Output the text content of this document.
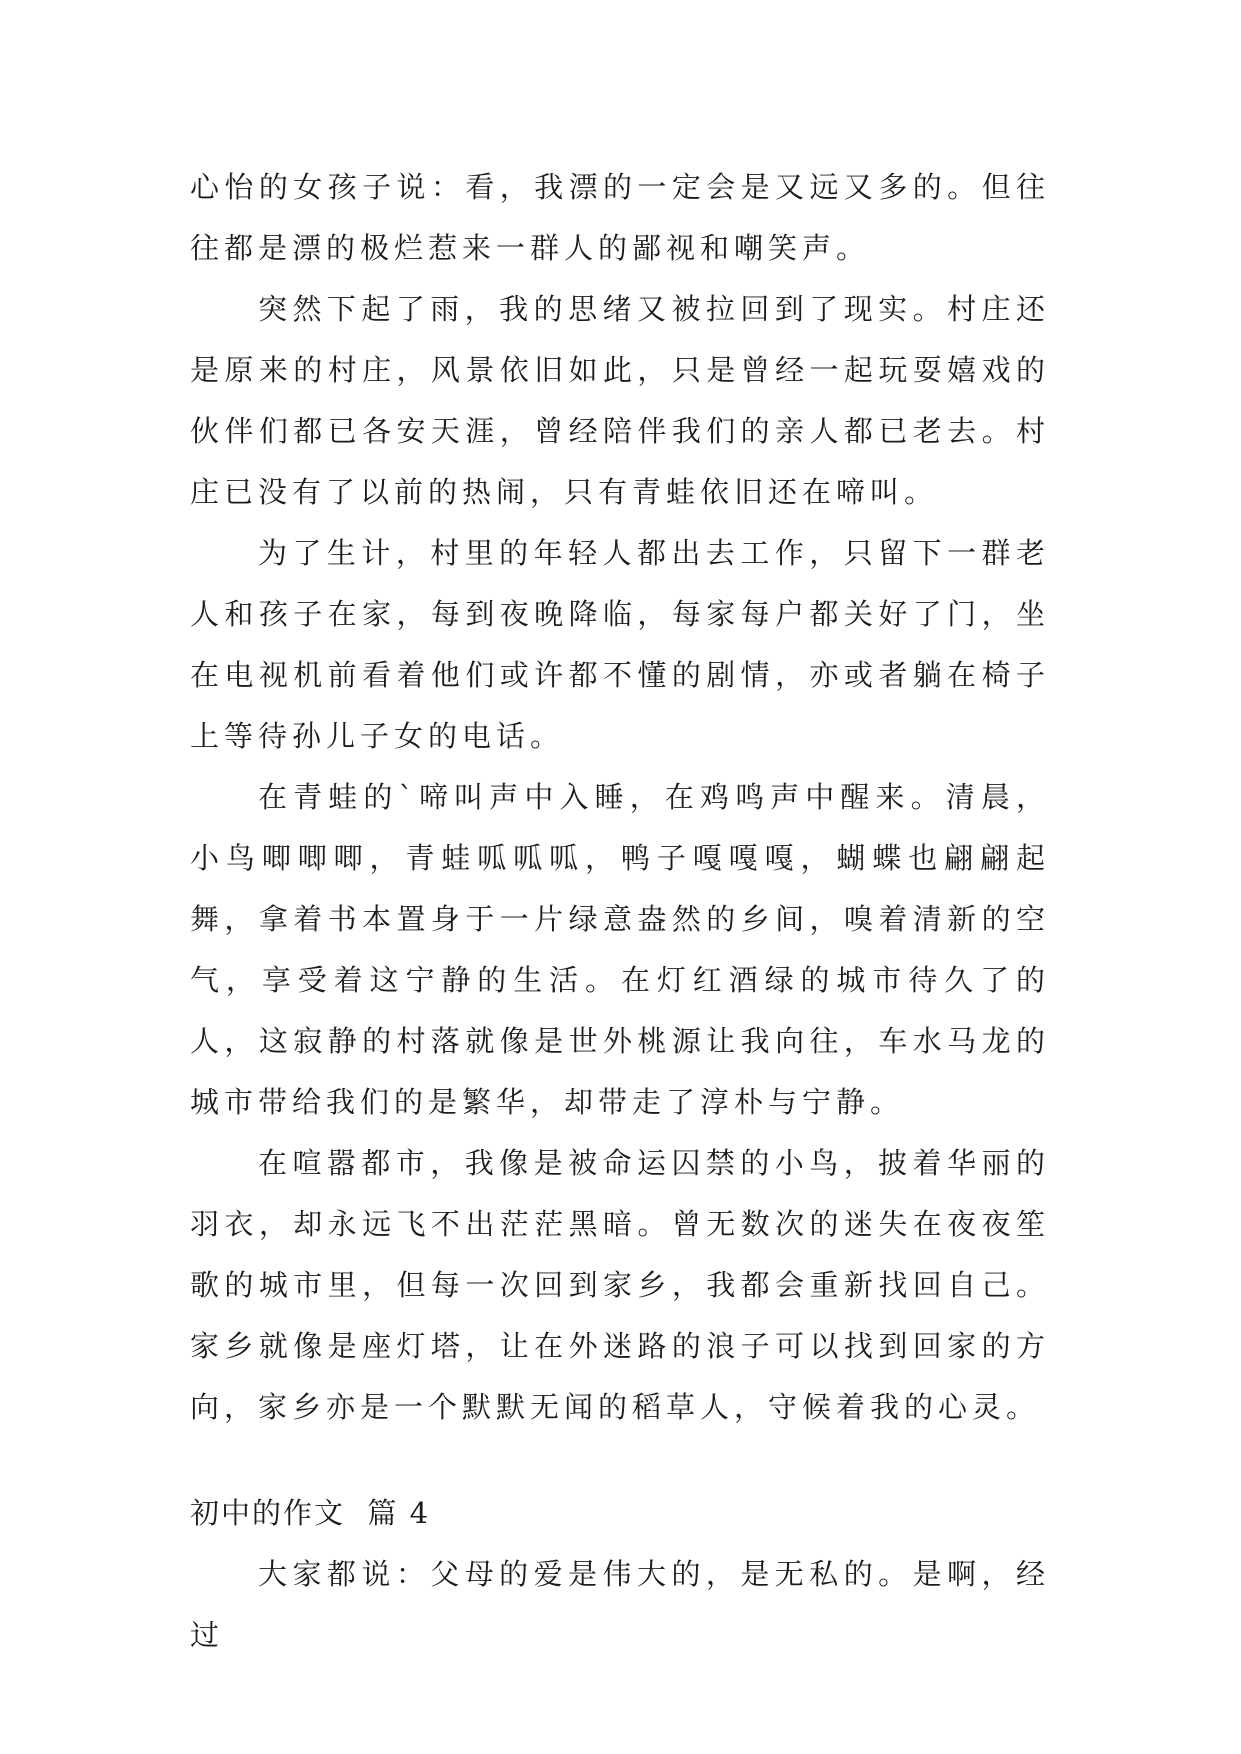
心怡的女孩子说：看，我漂的一定会是又远又多的。但往往都是漂的极烂惹来一群人的鄙视和嘲笑声。

突然下起了雨，我的思绪又被拉回到了现实。村庄还是原来的村庄，风景依旧如此，只是曾经一起玩耍嬉戏的伙伴们都已各安天涯，曾经陪伴我们的亲人都已老去。村庄已没有了以前的热闹，只有青蛙依旧还在啼叫。

为了生计，村里的年轻人都出去工作，只留下一群老人和孩子在家，每到夜晚降临，每家每户都关好了门，坐在电视机前看着他们或许都不懂的剧情，亦或者躺在椅子上等待孙儿子女的电话。

在青蛙的`啼叫声中入睡，在鸡鸣声中醒来。清晨，小鸟唧唧唧，青蛙呱呱呱，鸭子嘎嘎嘎，蝴蝶也翩翩起舞，拿着书本置身于一片绿意盎然的乡间，嗅着清新的空气，享受着这宁静的生活。在灯红酒绿的城市待久了的人，这寂静的村落就像是世外桃源让我向往，车水马龙的城市带给我们的是繁华，却带走了淳朴与宁静。

在喧嚣都市，我像是被命运囚禁的小鸟，披着华丽的羽衣，却永远飞不出茫茫黑暗。曾无数次的迷失在夜夜笙歌的城市里，但每一次回到家乡，我都会重新找回自己。家乡就像是座灯塔，让在外迷路的浪子可以找到回家的方向，家乡亦是一个默默无闻的稻草人，守候着我的心灵。

初中的作文  篇 4

大家都说：父母的爱是伟大的，是无私的。是啊，经过
